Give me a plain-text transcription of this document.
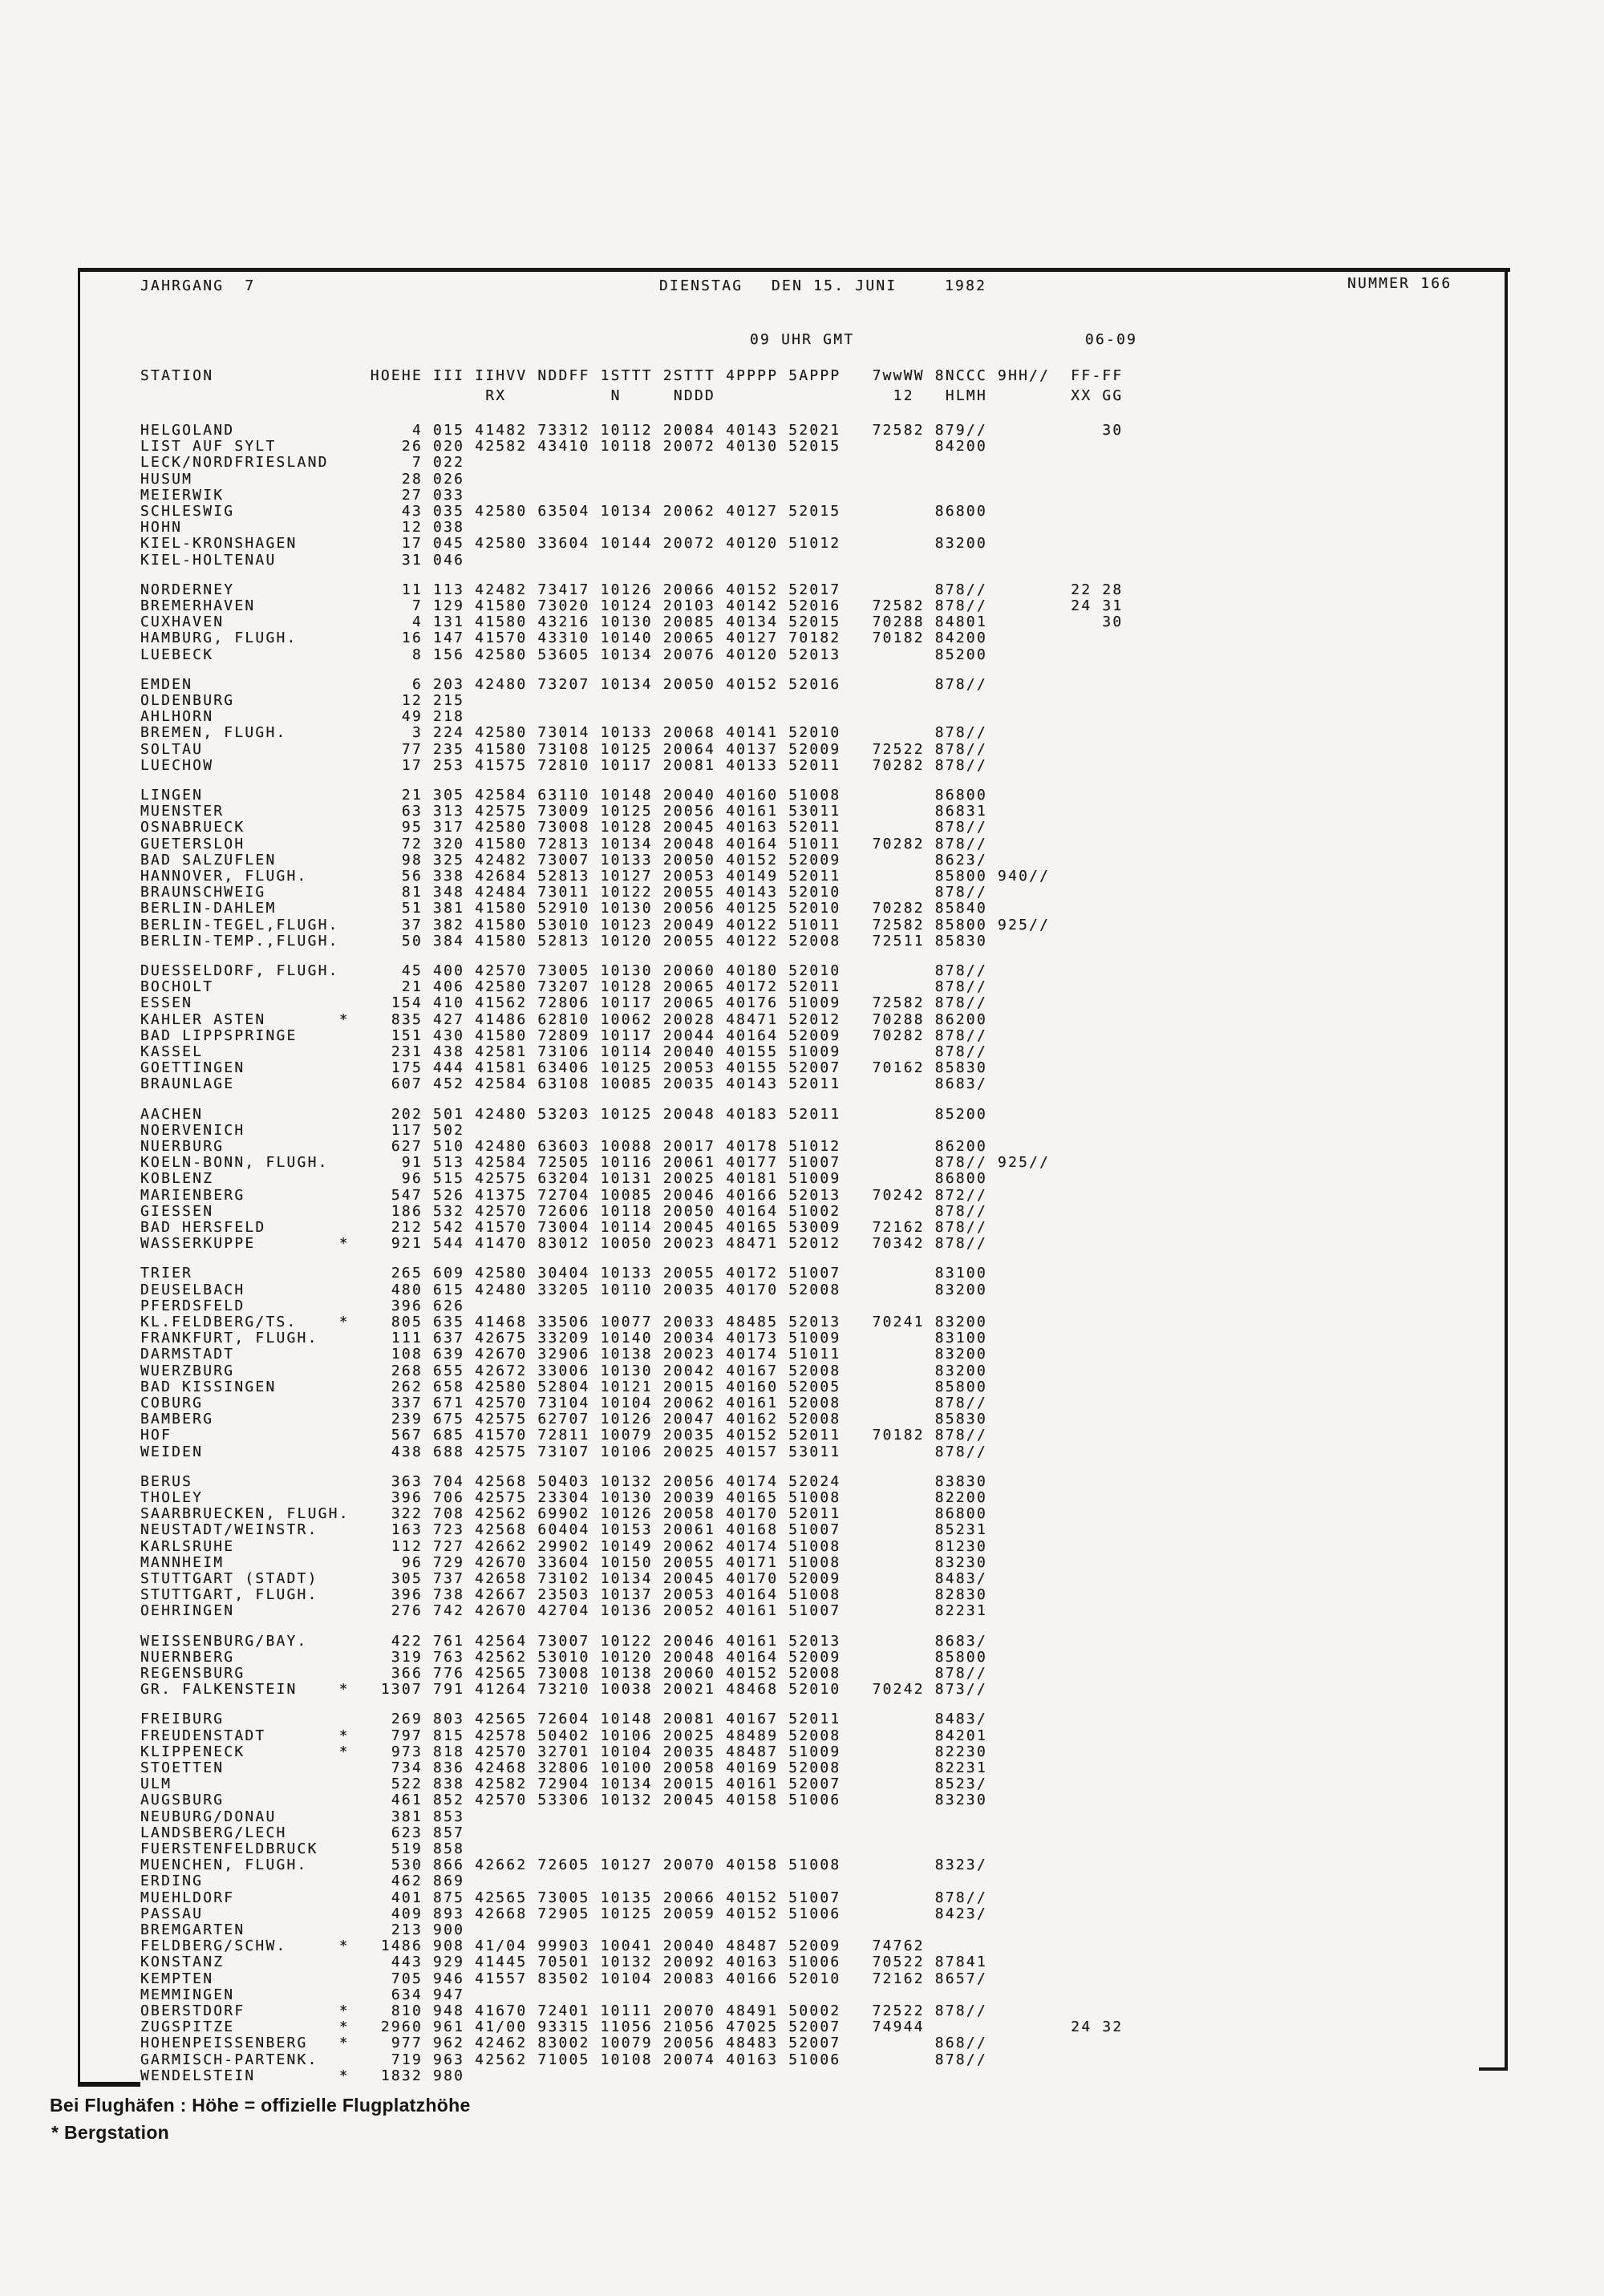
JAHRGANG  7	DIENSTAG DEN 15. JUNI	1982	NUMMER 166
09 UHR GMT	06-09
STATION               HOEHE III IIHVV NDDFF 1STTT 2STTT 4PPPP 5APPP   7wwWW 8NCCC 9HH//  FF-FF
RX          N     NDDD                 12   HLMH        XX GG
HELGOLAND                 4 015 41482 73312 10112 20084 40143 52021   72582 879//           30
LIST AUF SYLT            26 020 42582 43410 10118 20072 40130 52015         84200
LECK/NORDFRIESLAND        7 022
HUSUM                    28 026
MEIERWIK                 27 033
SCHLESWIG                43 035 42580 63504 10134 20062 40127 52015         86800
HOHN                     12 038
KIEL-KRONSHAGEN          17 045 42580 33604 10144 20072 40120 51012         83200
KIEL-HOLTENAU            31 046
NORDERNEY                11 113 42482 73417 10126 20066 40152 52017         878//        22 28
BREMERHAVEN               7 129 41580 73020 10124 20103 40142 52016   72582 878//        24 31
CUXHAVEN                  4 131 41580 43216 10130 20085 40134 52015   70288 84801           30
HAMBURG, FLUGH.          16 147 41570 43310 10140 20065 40127 70182   70182 84200
LUEBECK                   8 156 42580 53605 10134 20076 40120 52013         85200
EMDEN                     6 203 42480 73207 10134 20050 40152 52016         878//
OLDENBURG                12 215
AHLHORN                  49 218
BREMEN, FLUGH.            3 224 42580 73014 10133 20068 40141 52010         878//
SOLTAU                   77 235 41580 73108 10125 20064 40137 52009   72522 878//
LUECHOW                  17 253 41575 72810 10117 20081 40133 52011   70282 878//
LINGEN                   21 305 42584 63110 10148 20040 40160 51008         86800
MUENSTER                 63 313 42575 73009 10125 20056 40161 53011         86831
OSNABRUECK               95 317 42580 73008 10128 20045 40163 52011         878//
GUETERSLOH               72 320 41580 72813 10134 20048 40164 51011   70282 878//
BAD SALZUFLEN            98 325 42482 73007 10133 20050 40152 52009         8623/
HANNOVER, FLUGH.         56 338 42684 52813 10127 20053 40149 52011         85800 940//
BRAUNSCHWEIG             81 348 42484 73011 10122 20055 40143 52010         878//
BERLIN-DAHLEM            51 381 41580 52910 10130 20056 40125 52010   70282 85840
BERLIN-TEGEL,FLUGH.      37 382 41580 53010 10123 20049 40122 51011   72582 85800 925//
BERLIN-TEMP.,FLUGH.      50 384 41580 52813 10120 20055 40122 52008   72511 85830
DUESSELDORF, FLUGH.      45 400 42570 73005 10130 20060 40180 52010         878//
BOCHOLT                  21 406 42580 73207 10128 20065 40172 52011         878//
ESSEN                   154 410 41562 72806 10117 20065 40176 51009   72582 878//
KAHLER ASTEN       *    835 427 41486 62810 10062 20028 48471 52012   70288 86200
BAD LIPPSPRINGE         151 430 41580 72809 10117 20044 40164 52009   70282 878//
KASSEL                  231 438 42581 73106 10114 20040 40155 51009         878//
GOETTINGEN              175 444 41581 63406 10125 20053 40155 52007   70162 85830
BRAUNLAGE               607 452 42584 63108 10085 20035 40143 52011         8683/
AACHEN                  202 501 42480 53203 10125 20048 40183 52011         85200
NOERVENICH              117 502
NUERBURG                627 510 42480 63603 10088 20017 40178 51012         86200
KOELN-BONN, FLUGH.       91 513 42584 72505 10116 20061 40177 51007         878// 925//
KOBLENZ                  96 515 42575 63204 10131 20025 40181 51009         86800
MARIENBERG              547 526 41375 72704 10085 20046 40166 52013   70242 872//
GIESSEN                 186 532 42570 72606 10118 20050 40164 51002         878//
BAD HERSFELD            212 542 41570 73004 10114 20045 40165 53009   72162 878//
WASSERKUPPE        *    921 544 41470 83012 10050 20023 48471 52012   70342 878//
TRIER                   265 609 42580 30404 10133 20055 40172 51007         83100
DEUSELBACH              480 615 42480 33205 10110 20035 40170 52008         83200
PFERDSFELD              396 626
KL.FELDBERG/TS.    *    805 635 41468 33506 10077 20033 48485 52013   70241 83200
FRANKFURT, FLUGH.       111 637 42675 33209 10140 20034 40173 51009         83100
DARMSTADT               108 639 42670 32906 10138 20023 40174 51011         83200
WUERZBURG               268 655 42672 33006 10130 20042 40167 52008         83200
BAD KISSINGEN           262 658 42580 52804 10121 20015 40160 52005         85800
COBURG                  337 671 42570 73104 10104 20062 40161 52008         878//
BAMBERG                 239 675 42575 62707 10126 20047 40162 52008         85830
HOF                     567 685 41570 72811 10079 20035 40152 52011   70182 878//
WEIDEN                  438 688 42575 73107 10106 20025 40157 53011         878//
BERUS                   363 704 42568 50403 10132 20056 40174 52024         83830
THOLEY                  396 706 42575 23304 10130 20039 40165 51008         82200
SAARBRUECKEN, FLUGH.    322 708 42562 69902 10126 20058 40170 52011         86800
NEUSTADT/WEINSTR.       163 723 42568 60404 10153 20061 40168 51007         85231
KARLSRUHE               112 727 42662 29902 10149 20062 40174 51008         81230
MANNHEIM                 96 729 42670 33604 10150 20055 40171 51008         83230
STUTTGART (STADT)       305 737 42658 73102 10134 20045 40170 52009         8483/
STUTTGART, FLUGH.       396 738 42667 23503 10137 20053 40164 51008         82830
OEHRINGEN               276 742 42670 42704 10136 20052 40161 51007         82231
WEISSENBURG/BAY.        422 761 42564 73007 10122 20046 40161 52013         8683/
NUERNBERG               319 763 42562 53010 10120 20048 40164 52009         85800
REGENSBURG              366 776 42565 73008 10138 20060 40152 52008         878//
GR. FALKENSTEIN    *   1307 791 41264 73210 10038 20021 48468 52010   70242 873//
FREIBURG                269 803 42565 72604 10148 20081 40167 52011         8483/
FREUDENSTADT       *    797 815 42578 50402 10106 20025 48489 52008         84201
KLIPPENECK         *    973 818 42570 32701 10104 20035 48487 51009         82230
STOETTEN                734 836 42468 32806 10100 20058 40169 52008         82231
ULM                     522 838 42582 72904 10134 20015 40161 52007         8523/
AUGSBURG                461 852 42570 53306 10132 20045 40158 51006         83230
NEUBURG/DONAU           381 853
LANDSBERG/LECH          623 857
FUERSTENFELDBRUCK       519 858
MUENCHEN, FLUGH.        530 866 42662 72605 10127 20070 40158 51008         8323/
ERDING                  462 869
MUEHLDORF               401 875 42565 73005 10135 20066 40152 51007         878//
PASSAU                  409 893 42668 72905 10125 20059 40152 51006         8423/
BREMGARTEN              213 900
FELDBERG/SCHW.     *   1486 908 41/04 99903 10041 20040 48487 52009   74762
KONSTANZ                443 929 41445 70501 10132 20092 40163 51006   70522 87841
KEMPTEN                 705 946 41557 83502 10104 20083 40166 52010   72162 8657/
MEMMINGEN               634 947
OBERSTDORF         *    810 948 41670 72401 10111 20070 48491 50002   72522 878//
ZUGSPITZE          *   2960 961 41/00 93315 11056 21056 47025 52007   74944              24 32
HOHENPEISSENBERG   *    977 962 42462 83002 10079 20056 48483 52007         868//
GARMISCH-PARTENK.       719 963 42562 71005 10108 20074 40163 51006         878//
WENDELSTEIN        *   1832 980
Bei Flughäfen : Höhe = offizielle Flugplatzhöhe
* Bergstation
